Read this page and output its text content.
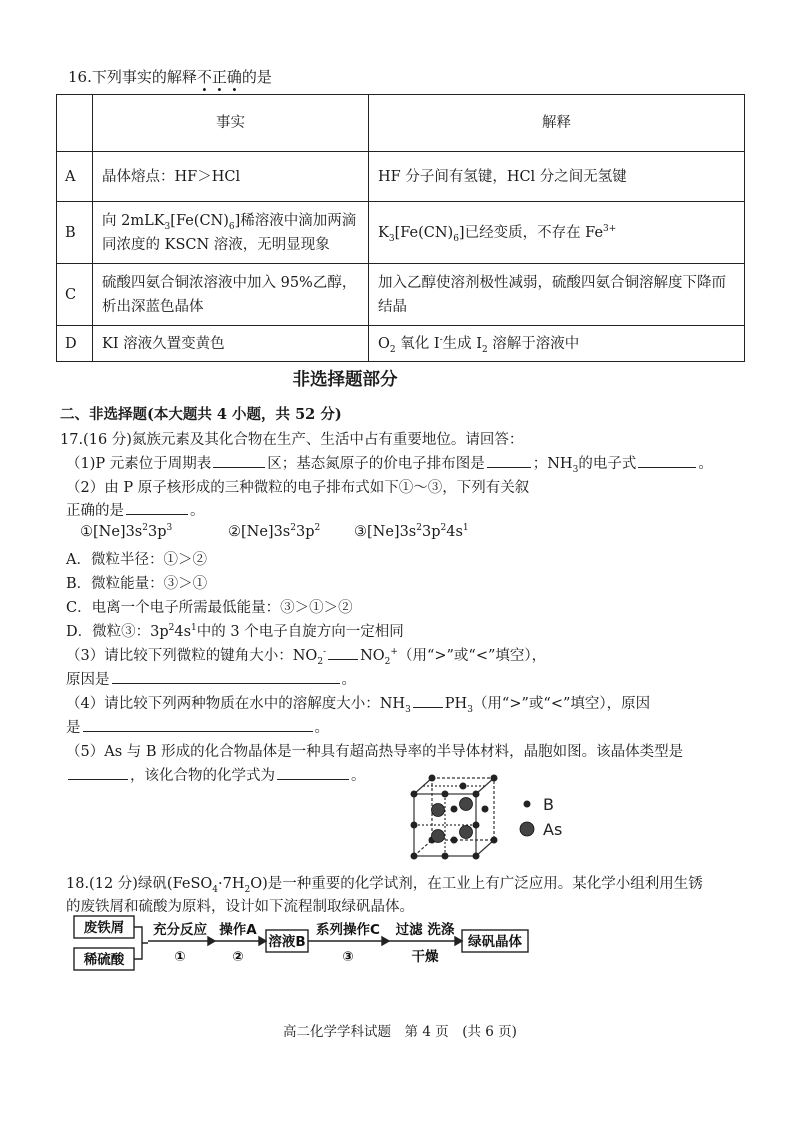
16.下列事实的解释不正确的是
	事实	解释
A	晶体熔点：HF＞HCl	HF 分子间有氢键，HCl 分之间无氢键
B	向 $2mLK_3[Fe(CN)_6]$稀溶液中滴加两滴同浓度的 KSCN 溶液，无明显现象	$K_3[Fe(CN)_6]$已经变质，不存在 $Fe^{3+}$
C	硫酸四氨合铜浓溶液中加入 95%乙醇，析出深蓝色晶体	加入乙醇使溶剂极性减弱，硫酸四氨合铜溶解度下降而结晶
D	KI 溶液久置变黄色	$O_2$ 氧化 I-生成 $I_2$ 溶解于溶液中
非选择题部分
二、非选择题(本大题共 4 小题，共 52 分)
17.(16 分)氮族元素及其化合物在生产、生活中占有重要地位。请回答：
（1)P 元素位于周期表	区；基态氮原子的价电子排布图是	；$NH_3$的电子式	。
（2）由 P 原子核形成的三种微粒的电子排布式如下①～③，下列有关叙
正确的是	。
$①[Ne]3s^23p^3$	$②[Ne]3s^23p^2$ $③[Ne]3s^23p^24s^1$
A．微粒半径：①＞②
B．微粒能量：③＞①
C．电离一个电子所需最低能量：③＞①＞②
D．微粒③：$3p^24s^1$中的 3 个电子自旋方向一定相同
（3）请比较下列微粒的键角大小：$NO_2^-$ $NO_2^+$（用“>”或“<”填空），
原因是	。
（4）请比较下列两种物质在水中的溶解度大小：$NH_3$ $PH_3$（用“>”或“<”填空），原因
是	。
（5）As 与 B 形成的化合物晶体是一种具有超高热导率的半导体材料，晶胞如图。该晶体类型是
，该化合物的化学式为	。
B
As
18.(12 分)绿矾$(FeSO_4\cdot 7H_2O)$是一种重要的化学试剂，在工业上有广泛应用。某化学小组利用生锈
的废铁屑和硫酸为原料，设计如下流程制取绿矾晶体。
废铁屑
稀硫酸
充分反应
①
操作A
②
溶液B
系列操作C
③
过滤 洗涤
干燥
绿矾晶体
高二化学学科试题　第 4 页　(共 6 页)
